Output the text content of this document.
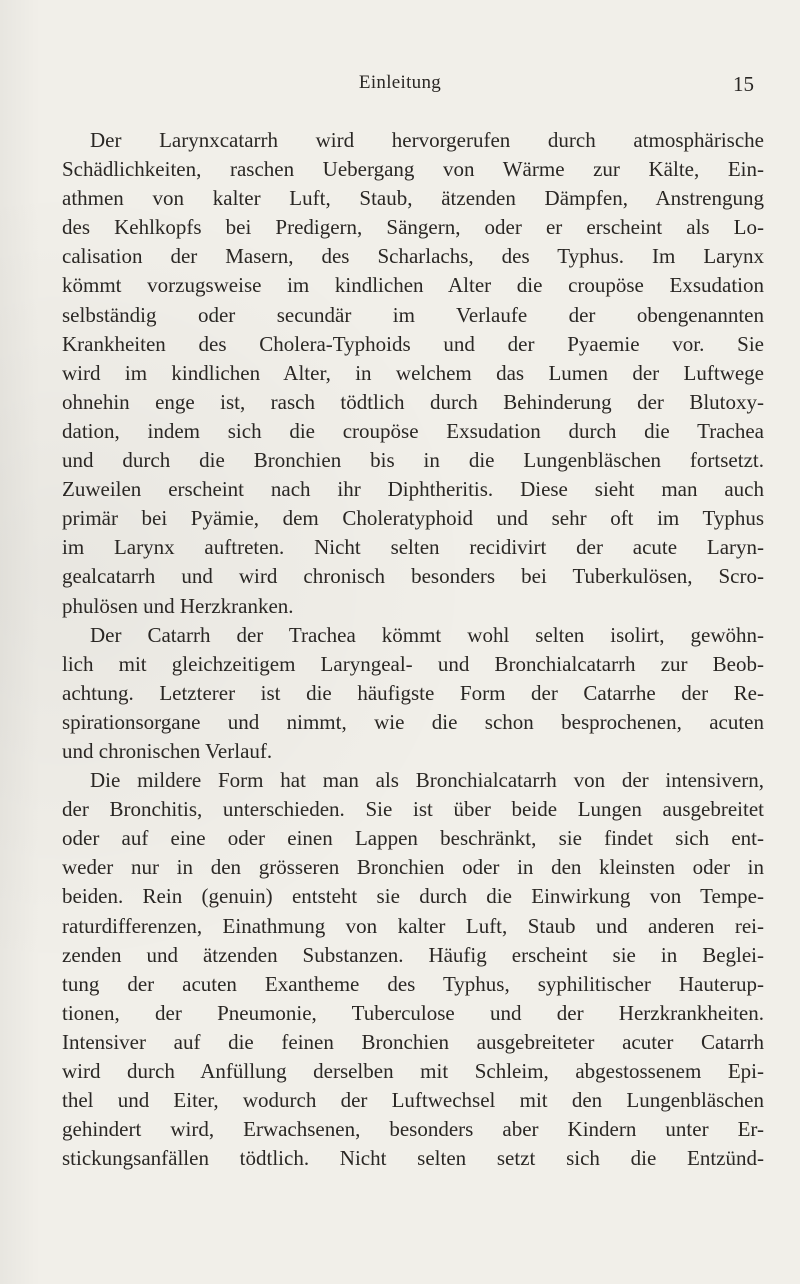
Einleitung	15
Der Larynxcatarrh wird hervorgerufen durch atmosphärische
Schädlichkeiten, raschen Uebergang von Wärme zur Kälte, Ein-
athmen von kalter Luft, Staub, ätzenden Dämpfen, Anstrengung
des Kehlkopfs bei Predigern, Sängern, oder er erscheint als Lo-
calisation der Masern, des Scharlachs, des Typhus. Im Larynx
kömmt vorzugsweise im kindlichen Alter die croupöse Exsudation
selbständig oder secundär im Verlaufe der obengenannten
Krankheiten des Cholera-Typhoids und der Pyaemie vor. Sie
wird im kindlichen Alter, in welchem das Lumen der Luftwege
ohnehin enge ist, rasch tödtlich durch Behinderung der Blutoxy-
dation, indem sich die croupöse Exsudation durch die Trachea
und durch die Bronchien bis in die Lungenbläschen fortsetzt.
Zuweilen erscheint nach ihr Diphtheritis. Diese sieht man auch
primär bei Pyämie, dem Choleratyphoid und sehr oft im Typhus
im Larynx auftreten. Nicht selten recidivirt der acute Laryn-
gealcatarrh und wird chronisch besonders bei Tuberkulösen, Scro-
phulösen und Herzkranken.
Der Catarrh der Trachea kömmt wohl selten isolirt, gewöhn-
lich mit gleichzeitigem Laryngeal- und Bronchialcatarrh zur Beob-
achtung. Letzterer ist die häufigste Form der Catarrhe der Re-
spirationsorgane und nimmt, wie die schon besprochenen, acuten
und chronischen Verlauf.
Die mildere Form hat man als Bronchialcatarrh von der intensivern,
der Bronchitis, unterschieden. Sie ist über beide Lungen ausgebreitet
oder auf eine oder einen Lappen beschränkt, sie findet sich ent-
weder nur in den grösseren Bronchien oder in den kleinsten oder in
beiden. Rein (genuin) entsteht sie durch die Einwirkung von Tempe-
raturdifferenzen, Einathmung von kalter Luft, Staub und anderen rei-
zenden und ätzenden Substanzen. Häufig erscheint sie in Beglei-
tung der acuten Exantheme des Typhus, syphilitischer Hauterup-
tionen, der Pneumonie, Tuberculose und der Herzkrankheiten.
Intensiver auf die feinen Bronchien ausgebreiteter acuter Catarrh
wird durch Anfüllung derselben mit Schleim, abgestossenem Epi-
thel und Eiter, wodurch der Luftwechsel mit den Lungenbläschen
gehindert wird, Erwachsenen, besonders aber Kindern unter Er-
stickungsanfällen tödtlich. Nicht selten setzt sich die Entzünd-
